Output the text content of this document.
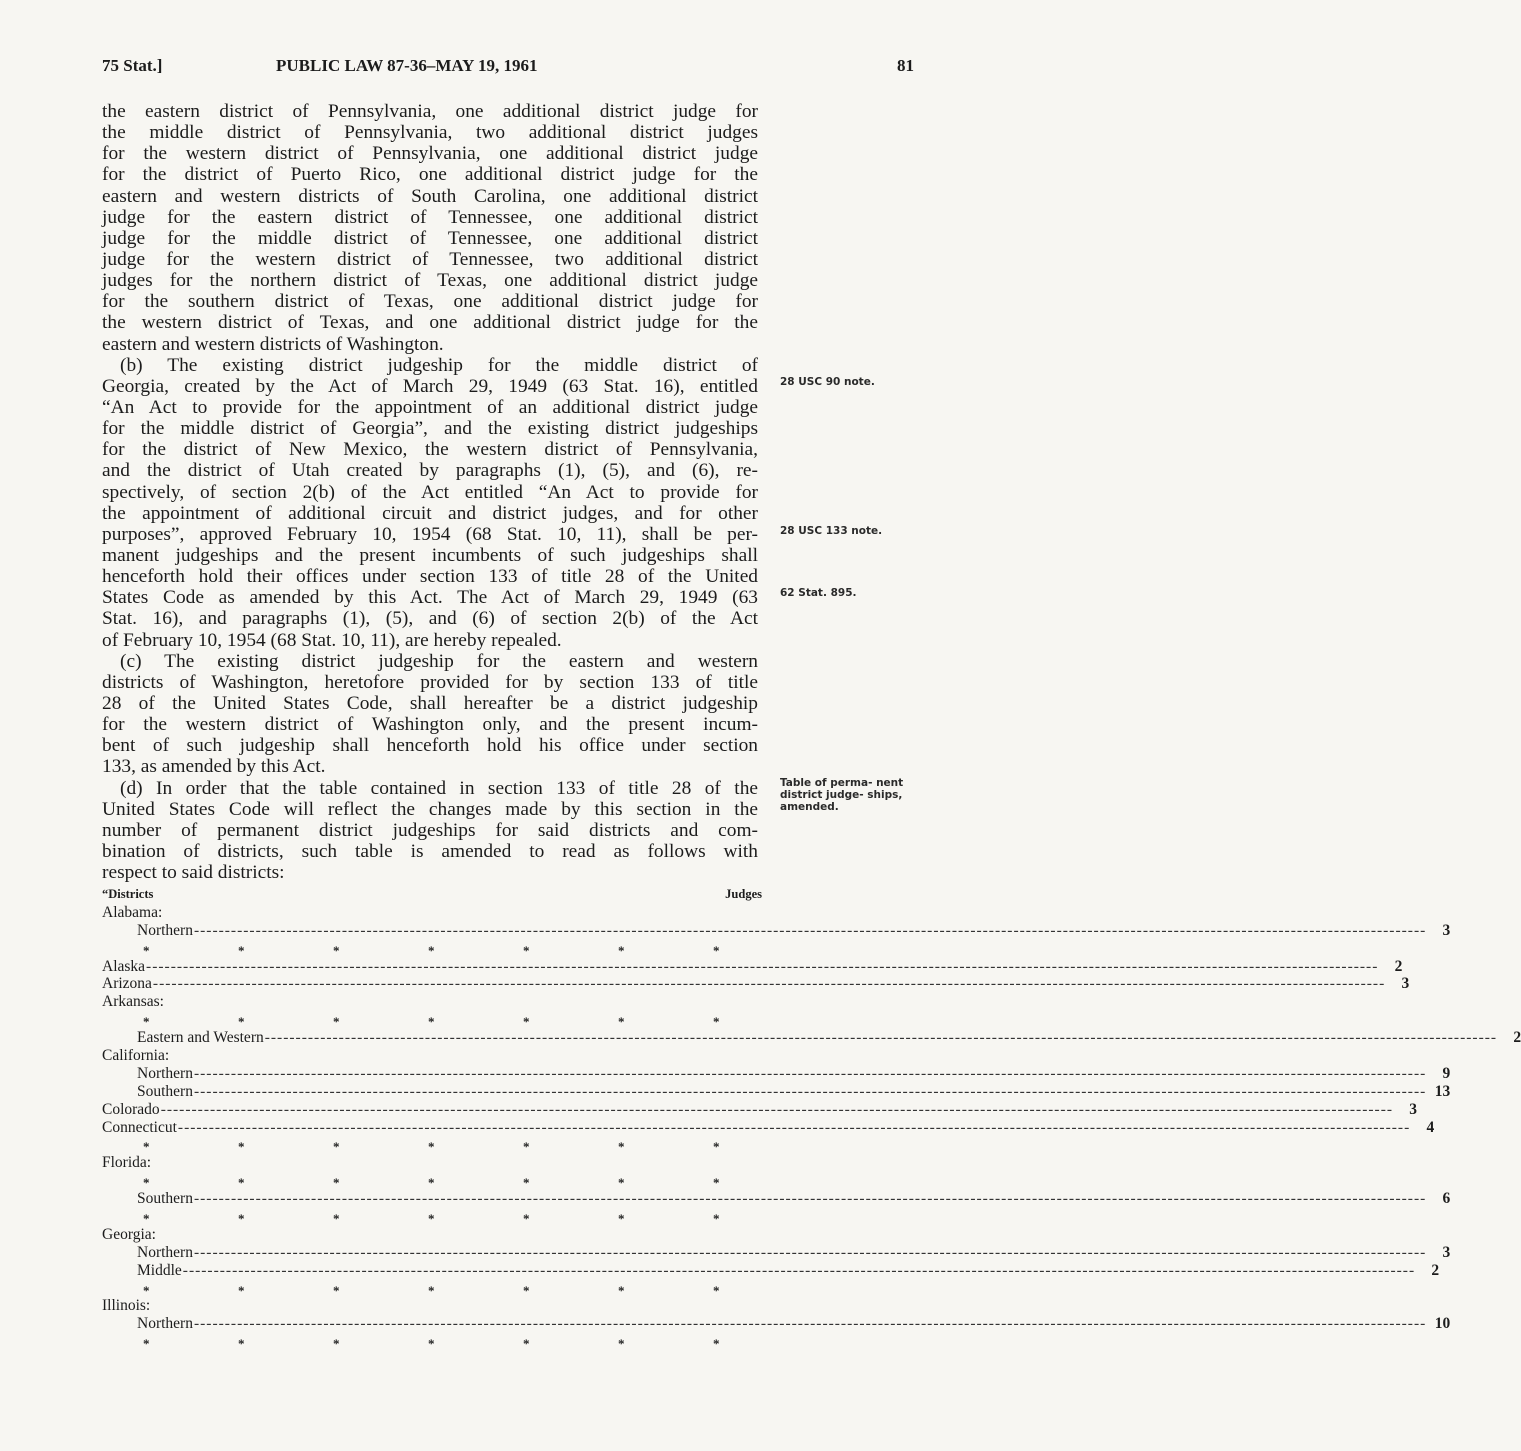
75 Stat.]	PUBLIC LAW 87-36–MAY 19, 1961	81
the eastern district of Pennsylvania, one additional district judge for
the middle district of Pennsylvania, two additional district judges
for the western district of Pennsylvania, one additional district judge
for the district of Puerto Rico, one additional district judge for the
eastern and western districts of South Carolina, one additional district
judge for the eastern district of Tennessee, one additional district
judge for the middle district of Tennessee, one additional district
judge for the western district of Tennessee, two additional district
judges for the northern district of Texas, one additional district judge
for the southern district of Texas, one additional district judge for
the western district of Texas, and one additional district judge for the
eastern and western districts of Washington.
(b) The existing district judgeship for the middle district of
Georgia, created by the Act of March 29, 1949 (63 Stat. 16), entitled
“An Act to provide for the appointment of an additional district judge
for the middle district of Georgia”, and the existing district judgeships
for the district of New Mexico, the western district of Pennsylvania,
and the district of Utah created by paragraphs (1), (5), and (6), re-
spectively, of section 2(b) of the Act entitled “An Act to provide for
the appointment of additional circuit and district judges, and for other
purposes”, approved February 10, 1954 (68 Stat. 10, 11), shall be per-
manent judgeships and the present incumbents of such judgeships shall
henceforth hold their offices under section 133 of title 28 of the United
States Code as amended by this Act. The Act of March 29, 1949 (63
Stat. 16), and paragraphs (1), (5), and (6) of section 2(b) of the Act
of February 10, 1954 (68 Stat. 10, 11), are hereby repealed.
(c) The existing district judgeship for the eastern and western
districts of Washington, heretofore provided for by section 133 of title
28 of the United States Code, shall hereafter be a district judgeship
for the western district of Washington only, and the present incum-
bent of such judgeship shall henceforth hold his office under section
133, as amended by this Act.
(d) In order that the table contained in section 133 of title 28 of the
United States Code will reflect the changes made by this section in the
number of permanent district judgeships for said districts and com-
bination of districts, such table is amended to read as follows with
respect to said districts:
28 USC 90 note.
28 USC 133 note.
62 Stat. 895.
Table of perma- nent district judge- ships, amended.
“Districts	Judges
Alabama:
Northern --------------------------------------------------------------------------------------------------------------------------------------------------------------------------------------------------------	3
*	*	*	*	*	*	*
Alaska --------------------------------------------------------------------------------------------------------------------------------------------------------------------------------------------------------	2
Arizona --------------------------------------------------------------------------------------------------------------------------------------------------------------------------------------------------------	3
Arkansas:
*	*	*	*	*	*	*
Eastern and Western --------------------------------------------------------------------------------------------------------------------------------------------------------------------------------------------------------	2
California:
Northern --------------------------------------------------------------------------------------------------------------------------------------------------------------------------------------------------------	9
Southern -------------------------------------------------------------------------------------------------------------------------------------------------------------------------------------------------------- 13
Colorado --------------------------------------------------------------------------------------------------------------------------------------------------------------------------------------------------------	3
Connecticut --------------------------------------------------------------------------------------------------------------------------------------------------------------------------------------------------------	4
*	*	*	*	*	*	*
Florida:
*	*	*	*	*	*	*
Southern --------------------------------------------------------------------------------------------------------------------------------------------------------------------------------------------------------	6
*	*	*	*	*	*	*
Georgia:
Northern --------------------------------------------------------------------------------------------------------------------------------------------------------------------------------------------------------	3
Middle --------------------------------------------------------------------------------------------------------------------------------------------------------------------------------------------------------	2
*	*	*	*	*	*	*
Illinois:
Northern -------------------------------------------------------------------------------------------------------------------------------------------------------------------------------------------------------- 10
*	*	*	*	*	*	*
